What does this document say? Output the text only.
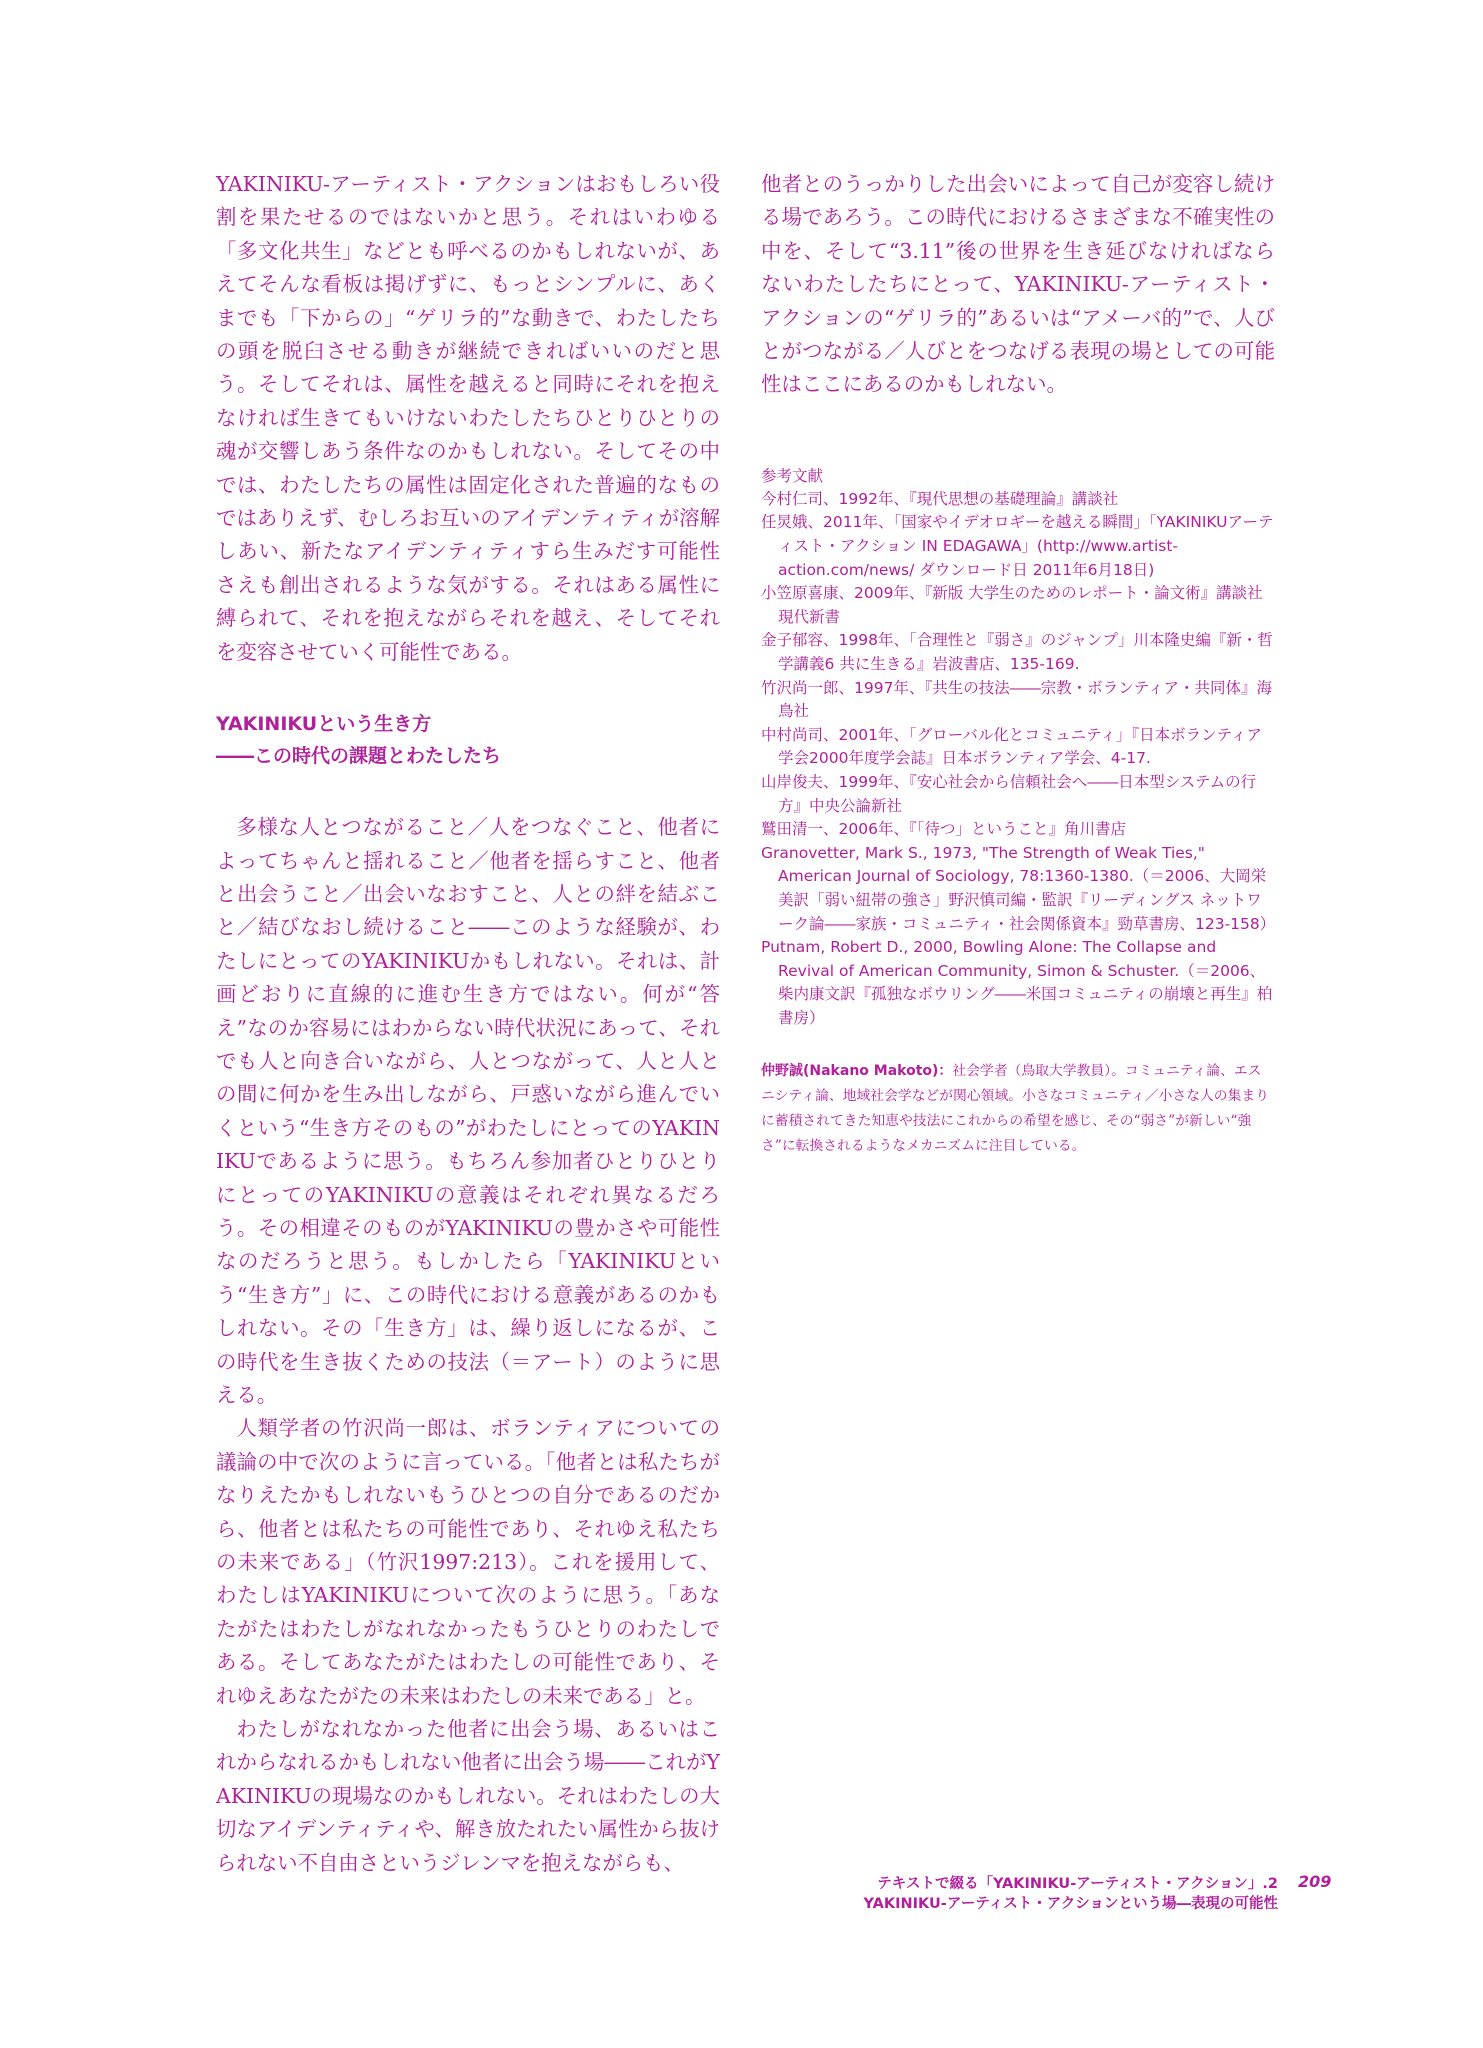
YAKINIKU-アーティスト・アクションはおもしろい役割を果たせるのではないかと思う。それはいわゆる「多文化共生」などとも呼べるのかもしれないが、あえてそんな看板は掲げずに、もっとシンプルに、あくまでも「下からの」“ゲリラ的”な動きで、わたしたちの頭を脱臼させる動きが継続できればいいのだと思う。そしてそれは、属性を越えると同時にそれを抱えなければ生きてもいけないわたしたちひとりひとりの魂が交響しあう条件なのかもしれない。そしてその中では、わたしたちの属性は固定化された普遍的なものではありえず、むしろお互いのアイデンティティが溶解しあい、新たなアイデンティティすら生みだす可能性さえも創出されるような気がする。それはある属性に縛られて、それを抱えながらそれを越え、そしてそれを変容させていく可能性である。

YAKINIKUという生き方

――この時代の課題とわたしたち

多様な人とつながること／人をつなぐこと、他者によってちゃんと揺れること／他者を揺らすこと、他者と出会うこと／出会いなおすこと、人との絆を結ぶこと／結びなおし続けること――このような経験が、わたしにとってのYAKINIKUかもしれない。それは、計画どおりに直線的に進む生き方ではない。何が“答え”なのか容易にはわからない時代状況にあって、それでも人と向き合いながら、人とつながって、人と人との間に何かを生み出しながら、戸惑いながら進んでいくという“生き方そのもの”がわたしにとってのYAKINIKUであるように思う。もちろん参加者ひとりひとりにとってのYAKINIKUの意義はそれぞれ異なるだろう。その相違そのものがYAKINIKUの豊かさや可能性なのだろうと思う。もしかしたら「YAKINIKUという“生き方”」に、この時代における意義があるのかもしれない。その「生き方」は、繰り返しになるが、この時代を生き抜くための技法（＝アート）のように思える。

人類学者の竹沢尚一郎は、ボランティアについての議論の中で次のように言っている。「他者とは私たちがなりえたかもしれないもうひとつの自分であるのだから、他者とは私たちの可能性であり、それゆえ私たちの未来である」（竹沢1997:213）。これを援用して、わたしはYAKINIKUについて次のように思う。「あなたがたはわたしがなれなかったもうひとりのわたしである。そしてあなたがたはわたしの可能性であり、それゆえあなたがたの未来はわたしの未来である」と。

わたしがなれなかった他者に出会う場、あるいはこれからなれるかもしれない他者に出会う場――これがYAKINIKUの現場なのかもしれない。それはわたしの大切なアイデンティティや、解き放たれたい属性から抜けられない不自由さというジレンマを抱えながらも、

他者とのうっかりした出会いによって自己が変容し続ける場であろう。この時代におけるさまざまな不確実性の中を、そして“3.11”後の世界を生き延びなければならないわたしたちにとって、YAKINIKU-アーティスト・アクションの“ゲリラ的”あるいは“アメーバ的”で、人びとがつながる／人びとをつなげる表現の場としての可能性はここにあるのかもしれない。

参考文献

今村仁司、1992年、『現代思想の基礎理論』講談社

任炅娥、2011年、「国家やイデオロギーを越える瞬間」「YAKINIKUアーティスト・アクション IN EDAGAWA」(http://www.artist-action.com/news/ ダウンロード日 2011年6月18日)

小笠原喜康、2009年、『新版 大学生のためのレポート・論文術』講談社現代新書

金子郁容、1998年、「合理性と『弱さ』のジャンプ」川本隆史編『新・哲学講義6 共に生きる』岩波書店、135-169.

竹沢尚一郎、1997年、『共生の技法――宗教・ボランティア・共同体』海鳥社

中村尚司、2001年、「グローバル化とコミュニティ」『日本ボランティア学会2000年度学会誌』日本ボランティア学会、4-17.

山岸俊夫、1999年、『安心社会から信頼社会へ――日本型システムの行方』中央公論新社

鷲田清一、2006年、『「待つ」ということ』角川書店

Granovetter, Mark S., 1973, "The Strength of Weak Ties," American Journal of Sociology, 78:1360-1380.（＝2006、大岡栄美訳「弱い紐帯の強さ」野沢慎司編・監訳『リーディングス ネットワーク論――家族・コミュニティ・社会関係資本』勁草書房、123-158）

Putnam, Robert D., 2000, Bowling Alone: The Collapse and Revival of American Community, Simon & Schuster.（＝2006、柴内康文訳『孤独なボウリング――米国コミュニティの崩壊と再生』柏書房）

仲野誠(Nakano Makoto)：社会学者（鳥取大学教員）。コミュニティ論、エスニシティ論、地域社会学などが関心領域。小さなコミュニティ／小さな人の集まりに蓄積されてきた知恵や技法にこれからの希望を感じ、その“弱さ”が新しい“強さ”に転換されるようなメカニズムに注目している。

テキストで綴る「YAKINIKU-アーティスト・アクション」.2
YAKINIKU-アーティスト・アクションという場―表現の可能性
209
